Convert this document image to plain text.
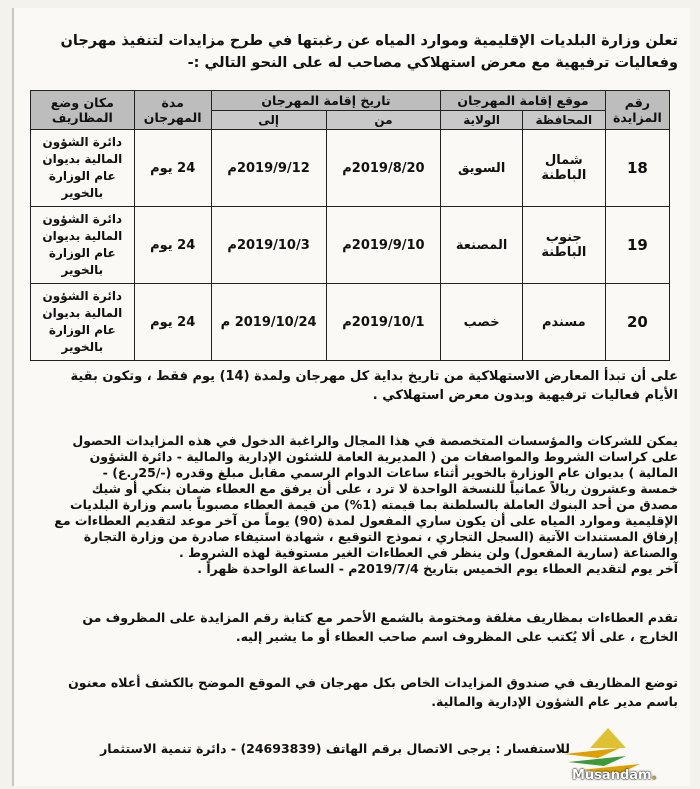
تعلن وزارة البلديات الإقليمية وموارد المياه عن رغبتها في طرح مزايدات لتنفيذ مهرجان وفعاليات ترفيهية مع معرض استهلاكي مصاحب له على النحو التالي :-
رقم المزايدة	موقع إقامة المهرجان		تاريخ إقامة المهرجان		مدة المهرجان	مكان وضع المظاريف
	المحافظة	الولاية	من	إلى		
18	شمال الباطنة	السويق	2019/8/20م	2019/9/12م	24 يوم	دائرة الشؤون المالية بديوان عام الوزارة بالخوير
19	جنوب الباطنة	المصنعة	2019/9/10م	2019/10/3م	24 يوم	دائرة الشؤون المالية بديوان عام الوزارة بالخوير
20	مسندم	خصب	2019/10/1م	2019/10/24 م	24 يوم	دائرة الشؤون المالية بديوان عام الوزارة بالخوير
على أن تبدأ المعارض الاستهلاكية من تاريخ بداية كل مهرجان ولمدة (14) يوم فقط ، وتكون بقية الأيام فعاليات ترفيهية وبدون معرض استهلاكي .
يمكن للشركات والمؤسسات المتخصصة في هذا المجال والراغبة الدخول في هذه المزايدات الحصول
على كراسات الشروط والمواصفات من ( المديرية العامة للشئون الإدارية والمالية - دائرة الشؤون
المالية ) بديوان عام الوزارة بالخوير أثناء ساعات الدوام الرسمي مقابل مبلغ وقدره (-/25ر.ع) -
خمسة وعشرون ريالاً عمانياً للنسخة الواحدة لا ترد ، على أن يرفق مع العطاء ضمان بنكي أو شيك
مصدق من أحد البنوك العاملة بالسلطنة بما قيمته (1%) من قيمة العطاء مصبوباً باسم وزارة البلديات
الإقليمية وموارد المياه على أن يكون ساري المفعول لمدة (90) يوماً من آخر موعد لتقديم العطاءات مع
إرفاق المستندات الآتية (السجل التجاري ، نموذج التوقيع ، شهادة استيفاء صادرة من وزارة التجارة
والصناعة (سارية المفعول) ولن ينظر في العطاءات الغير مستوفية لهذه الشروط .
آخر يوم لتقديم العطاء يوم الخميس بتاريخ 2019/7/4م - الساعة الواحدة ظهراً .
تقدم العطاءات بمظاريف مغلقة ومختومة بالشمع الأحمر مع كتابة رقم المزايدة على المظروف من
الخارج ، على ألا يُكتب على المظروف اسم صاحب العطاء أو ما يشير إليه.
توضع المظاريف في صندوق المزايدات الخاص بكل مهرجان في الموقع الموضح بالكشف أعلاه معنون
باسم مدير عام الشؤون الإدارية والمالية.
للاستفسار : يرجى الاتصال برقم الهاتف (24693839) - دائرة تنمية الاستثمار
Musandam.
